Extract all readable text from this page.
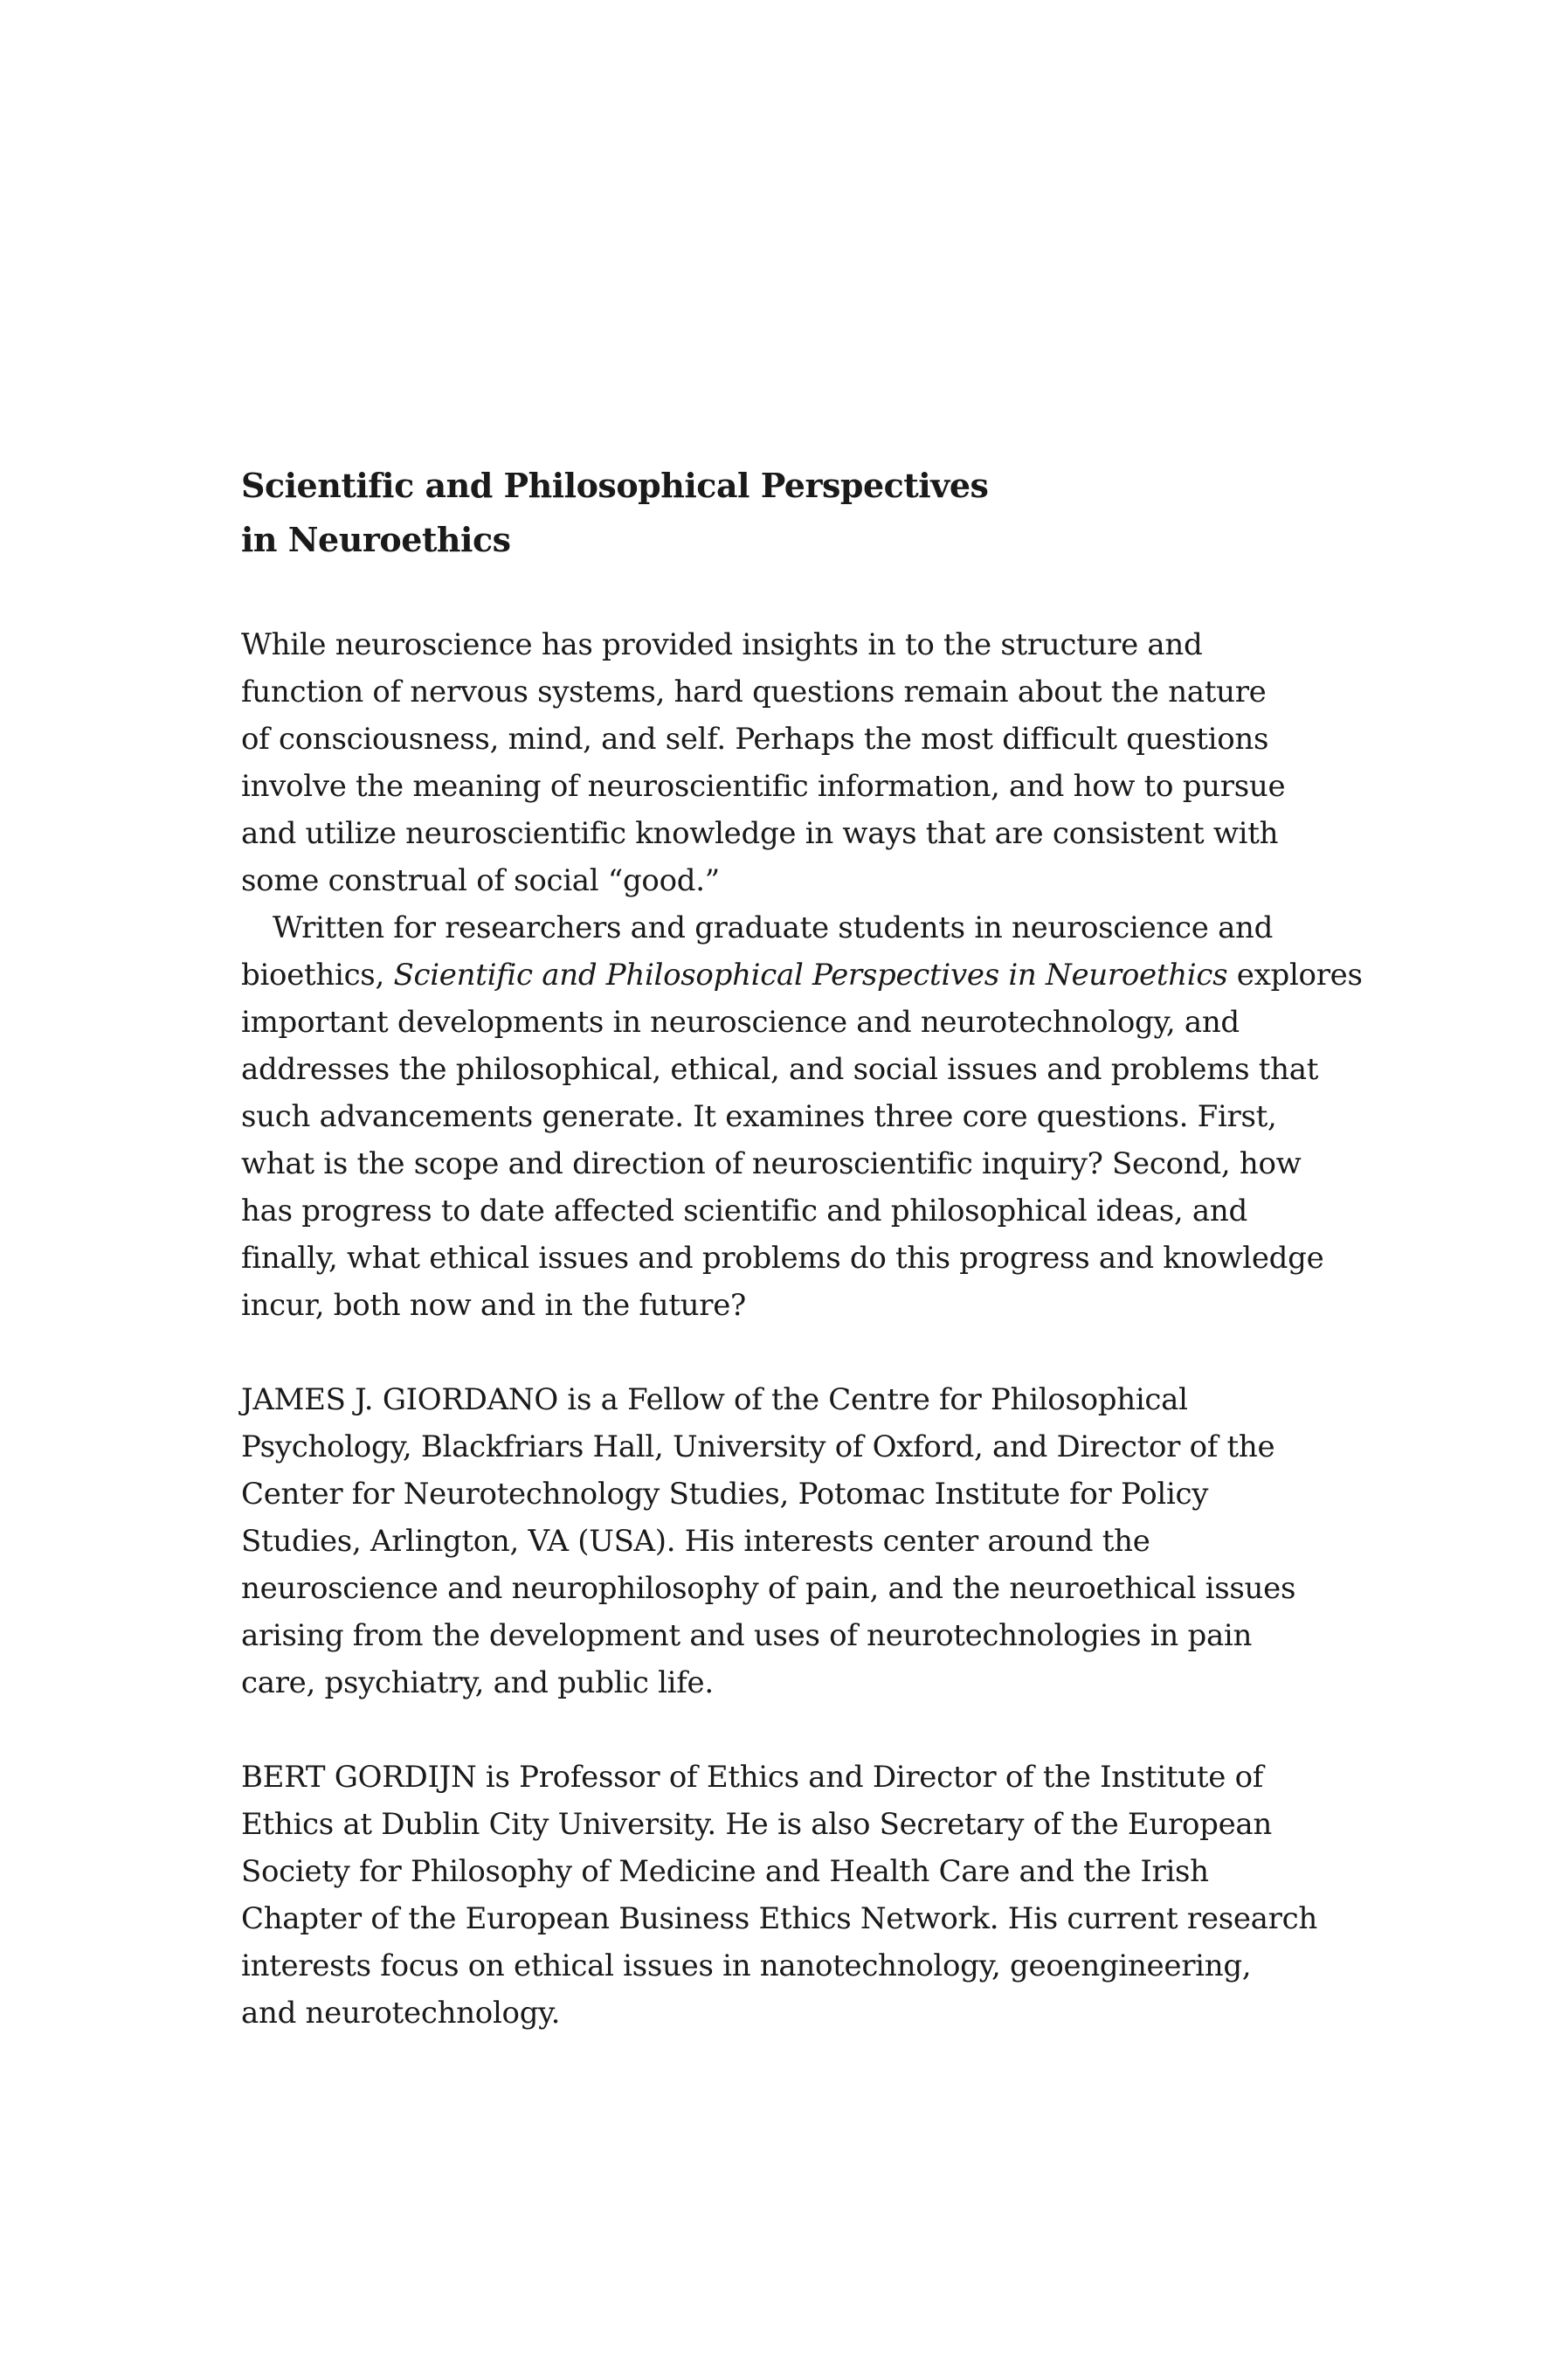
Scientific and Philosophical Perspectives
in Neuroethics
While neuroscience has provided insights in to the structure and
function of nervous systems, hard questions remain about the nature
of consciousness, mind, and self. Perhaps the most difficult questions
involve the meaning of neuroscientific information, and how to pursue
and utilize neuroscientific knowledge in ways that are consistent with
some construal of social “good.”
Written for researchers and graduate students in neuroscience and
bioethics, Scientific and Philosophical Perspectives in Neuroethics explores
important developments in neuroscience and neurotechnology, and
addresses the philosophical, ethical, and social issues and problems that
such advancements generate. It examines three core questions. First,
what is the scope and direction of neuroscientific inquiry? Second, how
has progress to date affected scientific and philosophical ideas, and
finally, what ethical issues and problems do this progress and knowledge
incur, both now and in the future?
JAMES J. GIORDANO is a Fellow of the Centre for Philosophical
Psychology, Blackfriars Hall, University of Oxford, and Director of the
Center for Neurotechnology Studies, Potomac Institute for Policy
Studies, Arlington, VA (USA). His interests center around the
neuroscience and neurophilosophy of pain, and the neuroethical issues
arising from the development and uses of neurotechnologies in pain
care, psychiatry, and public life.
BERT GORDIJN is Professor of Ethics and Director of the Institute of
Ethics at Dublin City University. He is also Secretary of the European
Society for Philosophy of Medicine and Health Care and the Irish
Chapter of the European Business Ethics Network. His current research
interests focus on ethical issues in nanotechnology, geoengineering,
and neurotechnology.
